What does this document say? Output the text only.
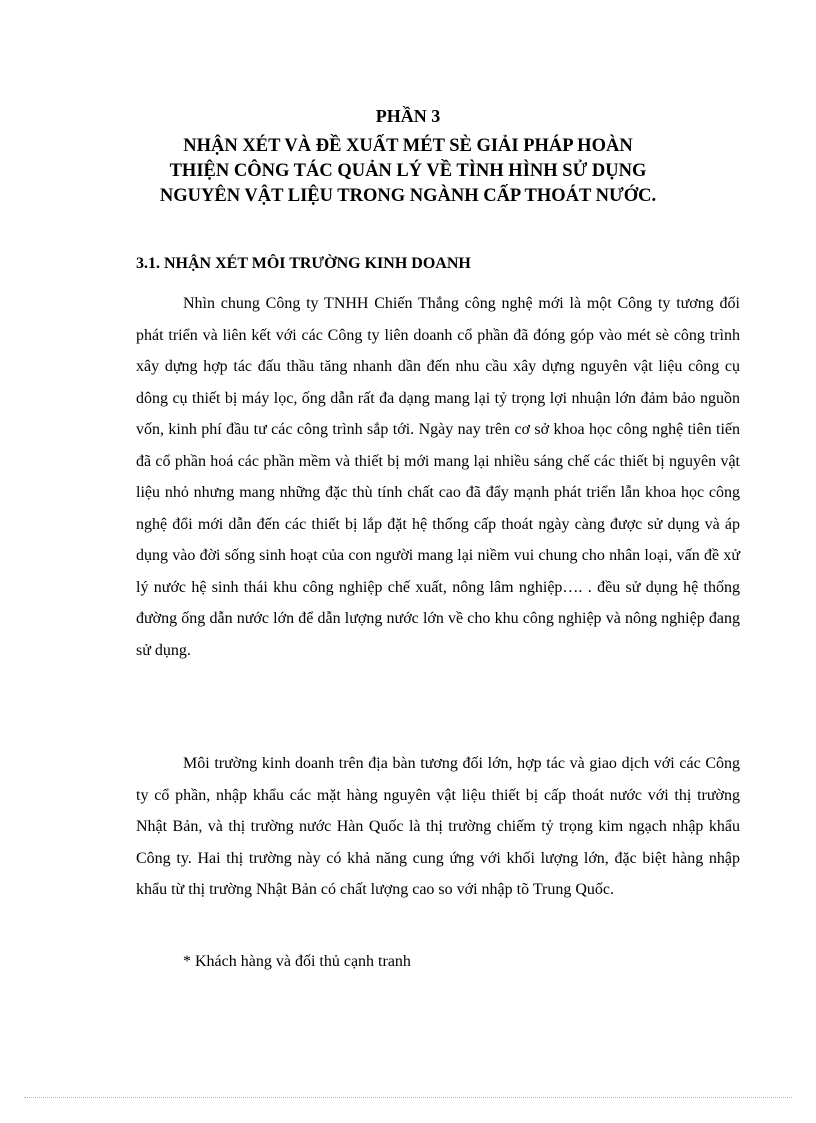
PHẦN 3
NHẬN XÉT VÀ ĐỀ XUẤT MÉT SÈ GIẢI PHÁP HOÀN
THIỆN CÔNG TÁC QUẢN LÝ VỀ TÌNH HÌNH SỬ DỤNG
NGUYÊN VẬT LIỆU TRONG NGÀNH CẤP THOÁT NƯỚC.
3.1. NHẬN XÉT MÔI TRƯỜNG KINH DOANH

Nhìn chung Công ty TNHH Chiến Thắng công nghệ mới là một Công ty tương đối phát triển và liên kết với các Công ty liên doanh cổ phần đã đóng góp vào mét sè công trình xây dựng hợp tác đấu thầu tăng nhanh dần đến nhu cầu xây dựng nguyên vật liệu công cụ dông cụ thiết bị máy lọc, ống dẫn rất đa dạng mang lại tỷ trọng lợi nhuận lớn đảm bảo nguồn vốn, kinh phí đầu tư các công trình sắp tới. Ngày nay trên cơ sở khoa học công nghệ tiên tiến đã cổ phần hoá các phần mềm và thiết bị mới mang lại nhiều sáng chế các thiết bị nguyên vật liệu nhỏ nhưng mang những đặc thù tính chất cao đã đẩy mạnh phát triển lẫn khoa học công nghệ đổi mới dẫn đến các thiết bị lắp đặt hệ thống cấp thoát ngày càng được sử dụng và áp dụng vào đời sống sinh hoạt của con người mang lại niềm vui chung cho nhân loại, vấn đề xử lý nước hệ sinh thái khu công nghiệp chế xuất, nông lâm nghiệp…. . đều sử dụng hệ thống đường ống dẫn nước lớn để dẫn lượng nước lớn về cho khu công nghiệp và nông nghiệp đang sử dụng.

Môi trường kinh doanh trên địa bàn tương đối lớn, hợp tác và giao dịch với các Công ty cổ phần, nhập khẩu các mặt hàng nguyên vật liệu thiết bị cấp thoát nước với thị trường Nhật Bản, và thị trường nước Hàn Quốc là thị trường chiếm tỷ trọng kim ngạch nhập khẩu Công ty. Hai thị trường này có khả năng cung ứng với khối lượng lớn, đặc biệt hàng nhập khẩu từ thị trường Nhật Bản có chất lượng cao so với nhập tõ Trung Quốc.

* Khách hàng và đối thủ cạnh tranh
